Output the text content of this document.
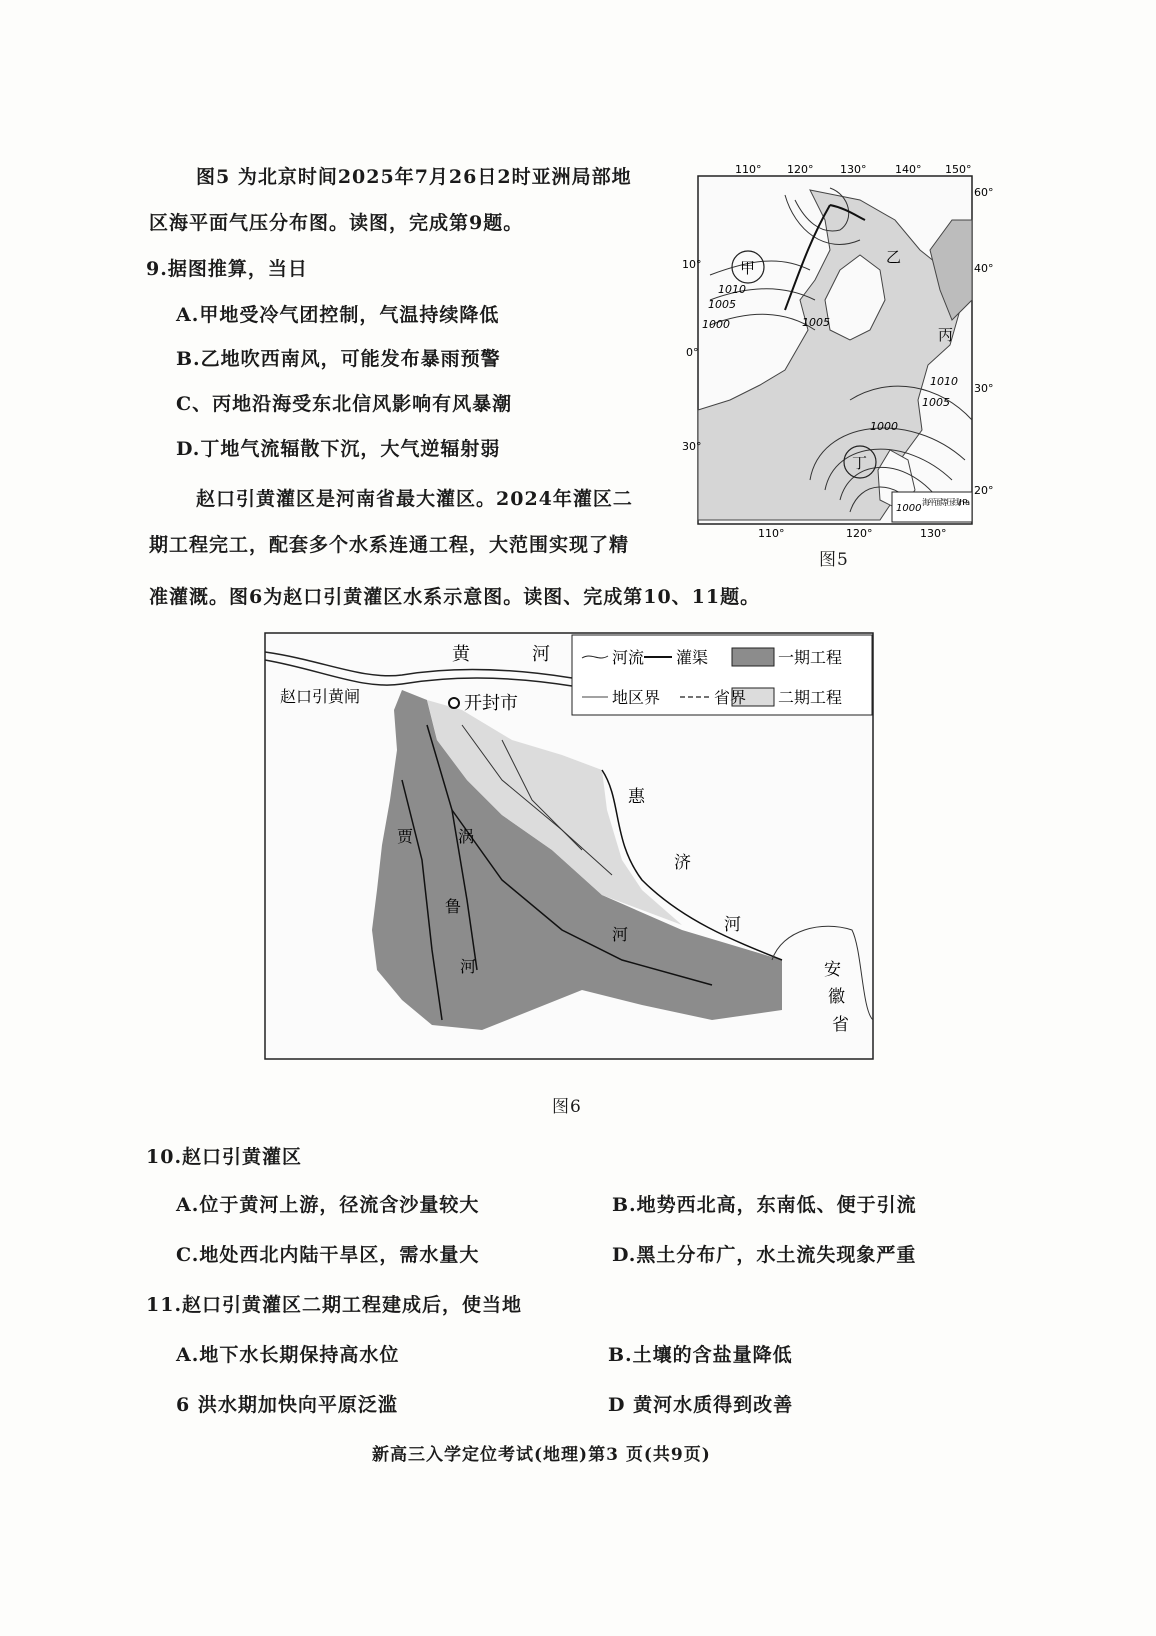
图5 为北京时间2025年7月26日2时亚洲局部地
区海平面气压分布图。读图，完成第9题。
9.据图推算，当日
A.甲地受冷气团控制，气温持续降低
B.乙地吹西南风，可能发布暴雨预警
C、丙地沿海受东北信风影响有风暴潮
D.丁地气流辐散下沉，大气逆辐射弱
赵口引黄灌区是河南省最大灌区。2024年灌区二
期工程完工，配套多个水系连通工程，大范围实现了精
准灌溉。图6为赵口引黄灌区水系示意图。读图、完成第10、11题。
110° 120° 130°	140° 150°
110°	120°	130°
60°
40°
30°
20°
10°
0°
30°
甲
乙
丙
丁
1010
1005
1000	1005
1010
1005
1000
1000
海平面等压线/hPa
图5
河流 灌渠	一期工程
地区界	省界 二期工程
黄	河
赵口引黄闸	开封市
惠
济
河
贾
鲁
河
涡
河
安
徽
省
图6
10.赵口引黄灌区
A.位于黄河上游，径流含沙量较大	B.地势西北高，东南低、便于引流
C.地处西北内陆干旱区，需水量大	D.黑土分布广，水土流失现象严重
11.赵口引黄灌区二期工程建成后，使当地
A.地下水长期保持高水位	B.土壤的含盐量降低
6 洪水期加快向平原泛滥	D 黄河水质得到改善
新高三入学定位考试(地理)第3 页(共9页)
